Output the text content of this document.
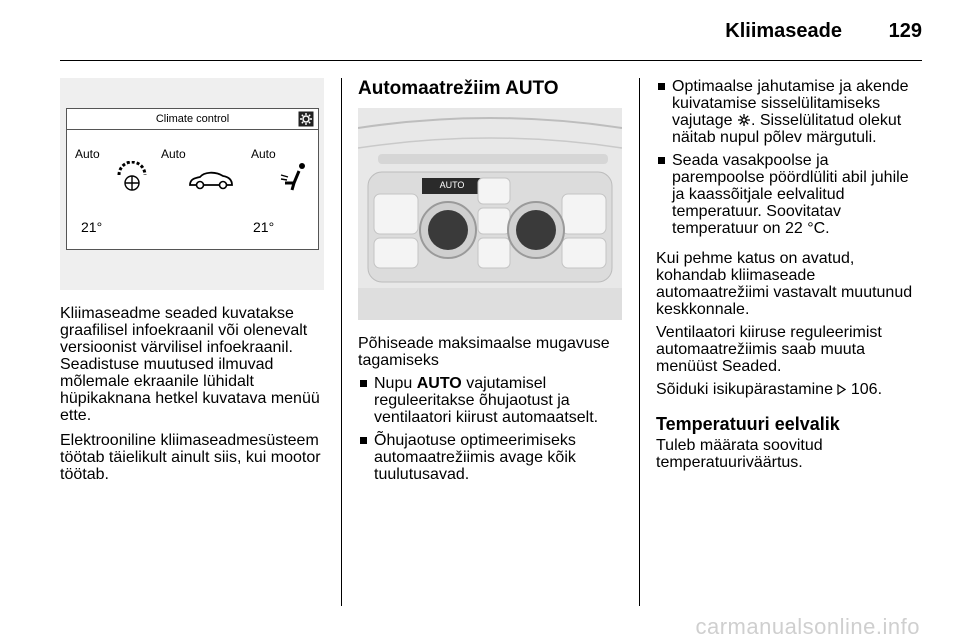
Kliimaseade 129
Climate control
Auto	Auto	Auto
21°	21°

Kliimaseadme seaded kuvatakse graafilisel infoekraanil või olenevalt versioonist värvilisel infoekraanil. Seadistuse muutused ilmuvad mõlemale ekraanile lühidalt hüpikaknana hetkel kuvatava menüü ette.

Elektrooniline kliimaseadmesüsteem töötab täielikult ainult siis, kui mootor töötab.

Automaatrežiim AUTO
AUTO

Põhiseade maksimaalse mugavuse tagamiseks

Nupu AUTO vajutamisel reguleeritakse õhujaotust ja ventilaatori kiirust automaatselt.
Õhujaotuse optimeerimiseks automaatrežiimis avage kõik tuulutusavad.
Optimaalse jahutamise ja akende kuivatamise sisselülitamiseks vajutage . Sisselülitatud olekut näitab nupul põlev märgutuli.
Seada vasakpoolse ja parempoolse pöördlüliti abil juhile ja kaassõitjale eelvalitud temperatuur. Soovitatav temperatuur on 22 °C.

Kui pehme katus on avatud, kohandab kliimaseade automaatrežiimi vastavalt muutunud keskkonnale.

Ventilaatori kiiruse reguleerimist automaatrežiimis saab muuta menüüst Seaded.

Sõiduki isikupärastamine  106.

Temperatuuri eelvalik

Tuleb määrata soovitud temperatuuriväärtus.

carmanualsonline.info
